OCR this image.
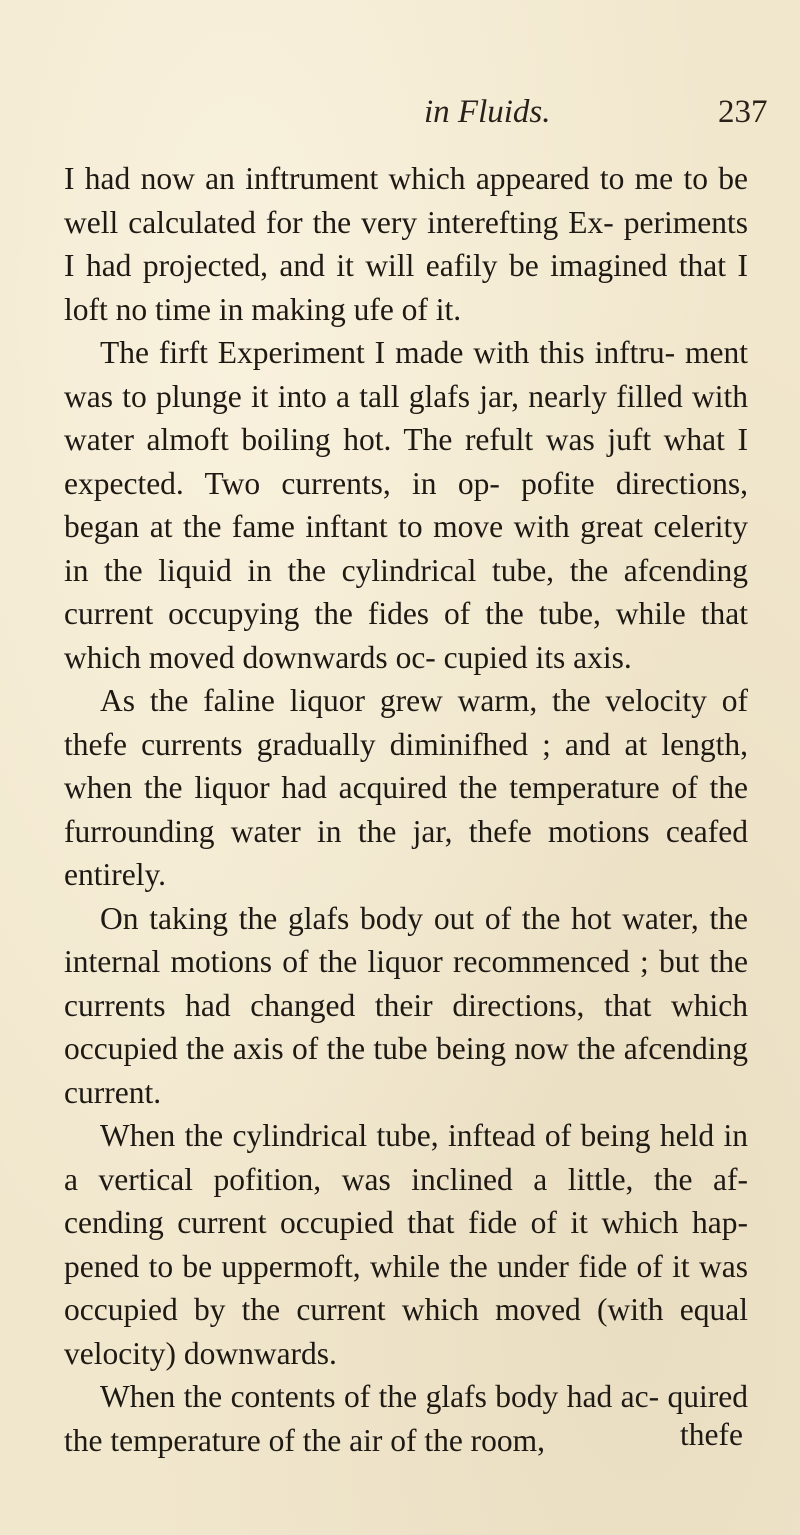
in Fluids.	237

I had now an inftrument which appeared to me to be well calculated for the very interefting Ex- periments I had projected, and it will eafily be imagined that I loft no time in making ufe of it.

The firft Experiment I made with this inftru- ment was to plunge it into a tall glafs jar, nearly filled with water almoft boiling hot. The refult was juft what I expected. Two currents, in op- pofite directions, began at the fame inftant to move with great celerity in the liquid in the cylindrical tube, the afcending current occupying the fides of the tube, while that which moved downwards oc- cupied its axis.

As the faline liquor grew warm, the velocity of thefe currents gradually diminifhed ; and at length, when the liquor had acquired the temperature of the furrounding water in the jar, thefe motions ceafed entirely.

On taking the glafs body out of the hot water, the internal motions of the liquor recommenced ; but the currents had changed their directions, that which occupied the axis of the tube being now the afcending current.

When the cylindrical tube, inftead of being held in a vertical pofition, was inclined a little, the af- cending current occupied that fide of it which hap- pened to be uppermoft, while the under fide of it was occupied by the current which moved (with equal velocity) downwards.

When the contents of the glafs body had ac- quired the temperature of the air of the room,	thefe
